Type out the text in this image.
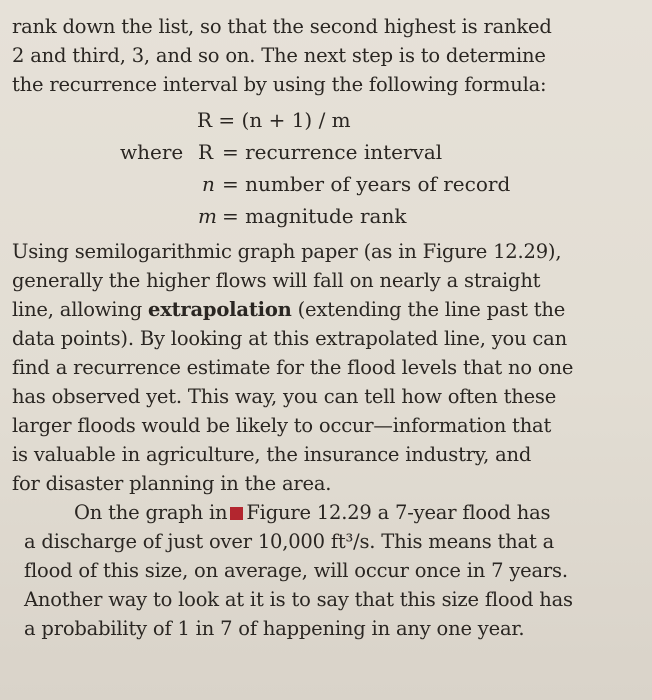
rank down the list, so that the second highest is ranked
2 and third, 3, and so on. The next step is to determine
the recurrence interval by using the following formula:

R = (n + 1) / m
where R = recurrence interval
n = number of years of record
m = magnitude rank

Using semilogarithmic graph paper (as in Figure 12.29),
generally the higher flows will fall on nearly a straight
line, allowing extrapolation (extending the line past the
data points). By looking at this extrapolated line, you can
find a recurrence estimate for the flood levels that no one
has observed yet. This way, you can tell how often these
larger floods would be likely to occur—information that
is valuable in agriculture, the insurance industry, and
for disaster planning in the area.

On the graph in Figure 12.29 a 7-year flood has
a discharge of just over 10,000 ft³/s. This means that a
flood of this size, on average, will occur once in 7 years.
Another way to look at it is to say that this size flood has
a probability of 1 in 7 of happening in any one year.
